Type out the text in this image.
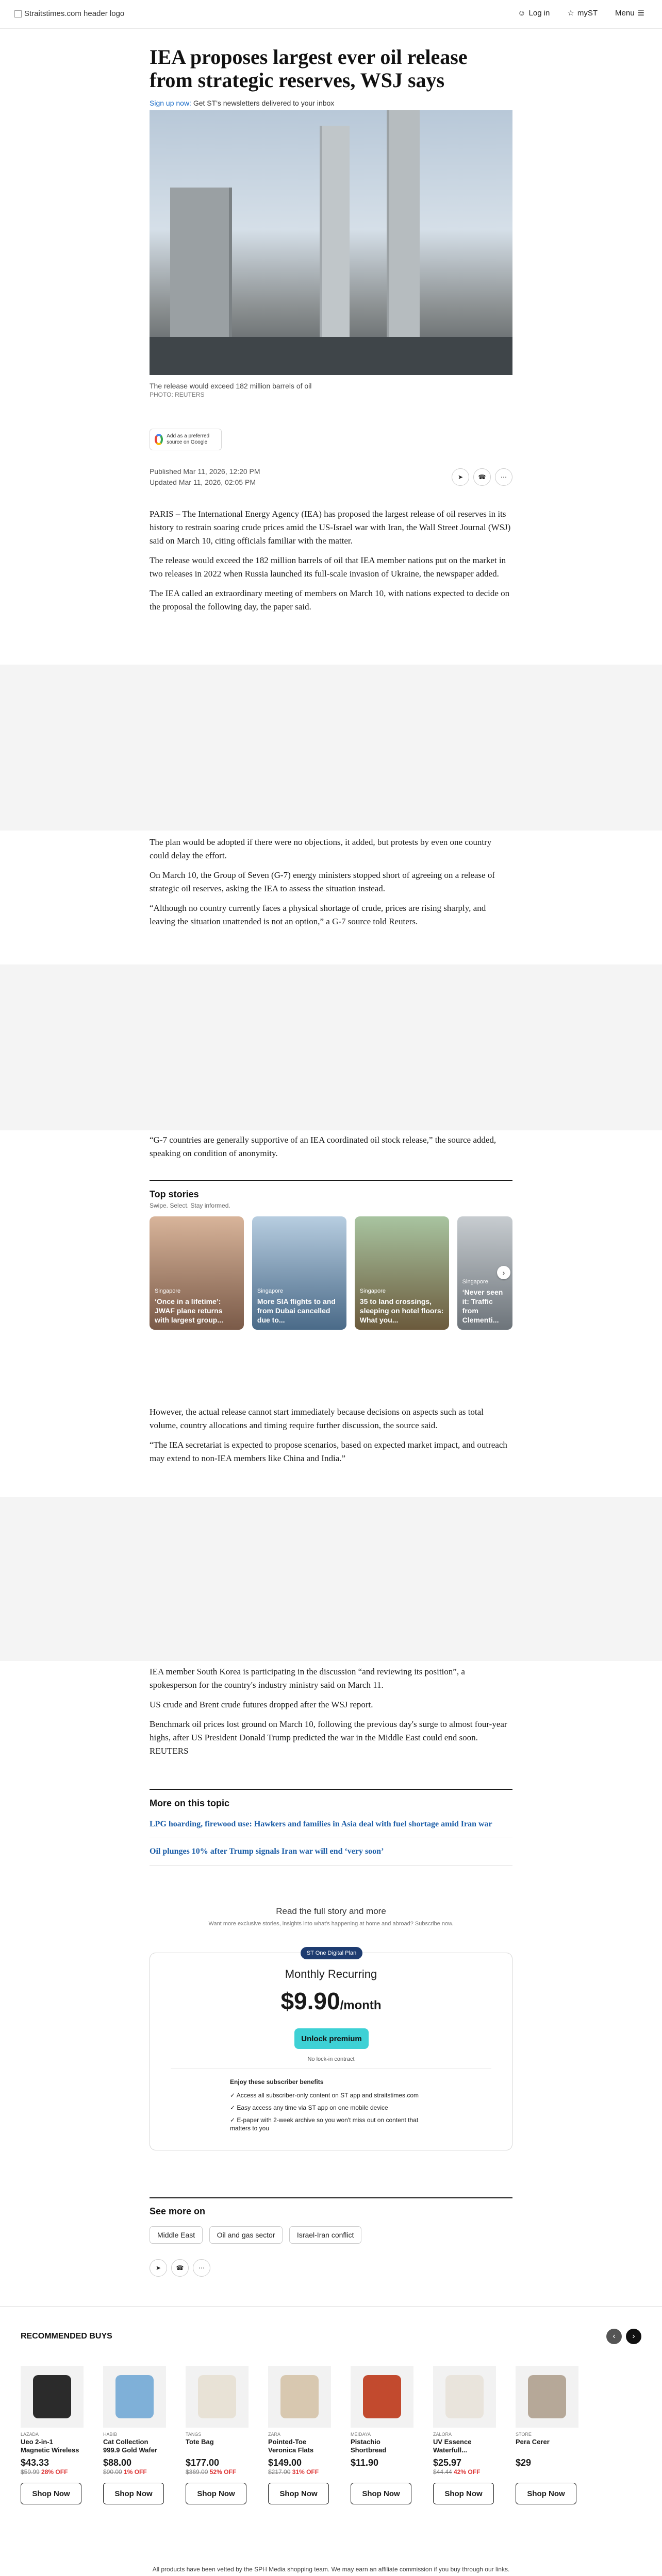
Straitstimes.com header logo	☺ Log in ☆ myST Menu ☰
IEA proposes largest ever oil release from strategic reserves, WSJ says

Sign up now: Get ST's newsletters delivered to your inbox

The release would exceed 182 million barrels of oil

PHOTO: REUTERS

Add as a preferred source on Google
Published Mar 11, 2026, 12:20 PM
Updated Mar 11, 2026, 02:05 PM
➤	☎	⋯

PARIS – The International Energy Agency (IEA) has proposed the largest release of oil reserves in its history to restrain soaring crude prices amid the US-Israel war with Iran, the Wall Street Journal (WSJ) said on March 10, citing officials familiar with the matter.

The release would exceed the 182 million barrels of oil that IEA member nations put on the market in two releases in 2022 when Russia launched its full-scale invasion of Ukraine, the newspaper added.

The IEA called an extraordinary meeting of members on March 10, with nations expected to decide on the proposal the following day, the paper said.

The plan would be adopted if there were no objections, it added, but protests by even one country could delay the effort.

On March 10, the Group of Seven (G-7) energy ministers stopped short of agreeing on a release of strategic oil reserves, asking the IEA to assess the situation instead.

“Although no country currently faces a physical shortage of crude, prices are rising sharply, and leaving the situation unattended is not an option,” a G-7 source told Reuters.

“G-7 countries are generally supportive of an IEA coordinated oil stock release,” the source added, speaking on condition of anonymity.

Top stories

Swipe. Select. Stay informed.

Singapore
‘Once in a lifetime’: JWAF plane returns with largest group...
Singapore
More SIA flights to and from Dubai cancelled due to...
Singapore
35 to land crossings, sleeping on hotel floors: What you...
Singapore
‘Never seen it: Traffic from Clementi...
›

However, the actual release cannot start immediately because decisions on aspects such as total volume, country allocations and timing require further discussion, the source said.

“The IEA secretariat is expected to propose scenarios, based on expected market impact, and outreach may extend to non-IEA members like China and India.”

IEA member South Korea is participating in the discussion “and reviewing its position”, a spokesperson for the country's industry ministry said on March 11.

US crude and Brent crude futures dropped after the WSJ report.

Benchmark oil prices lost ground on March 10, following the previous day's surge to almost four-year highs, after US President Donald Trump predicted the war in the Middle East could end soon. REUTERS

More on this topic
LPG hoarding, firewood use: Hawkers and families in Asia deal with fuel shortage amid Iran war
Oil plunges 10% after Trump signals Iran war will end ‘very soon’

Read the full story and more

Want more exclusive stories, insights into what's happening at home and abroad? Subscribe now.

ST One Digital Plan
Monthly Recurring
$9.90/month
Unlock premium
No lock-in contract

Enjoy these subscriber benefits

✓ Access all subscriber-only content on ST app and straitstimes.com

✓ Easy access any time via ST app on one mobile device

✓ E-paper with 2-week archive so you won't miss out on content that matters to you

See more on
Middle East	Oil and gas sector	Israel-Iran conflict
➤	☎	⋯
RECOMMENDED BUYS	‹	›
LAZADA
Ueo 2-in-1 Magnetic Wireless
$43.33
$59.99 28% OFF
Shop Now
HABIB
Cat Collection 999.9 Gold Wafer
$88.00
$90.00 1% OFF
Shop Now
TANGS
Tote Bag
$177.00
$369.00 52% OFF
Shop Now
ZARA
Pointed-Toe Veronica Flats
$149.00
$217.00 31% OFF
Shop Now
MEIDAYA
Pistachio Shortbread
$11.90
Shop Now
ZALORA
UV Essence Waterfull...
$25.97
$44.44 42% OFF
Shop Now
STORE
Pera Cerer
$29
Shop Now
All products have been vetted by the SPH Media shopping team. We may earn an affiliate commission if you buy through our links.
